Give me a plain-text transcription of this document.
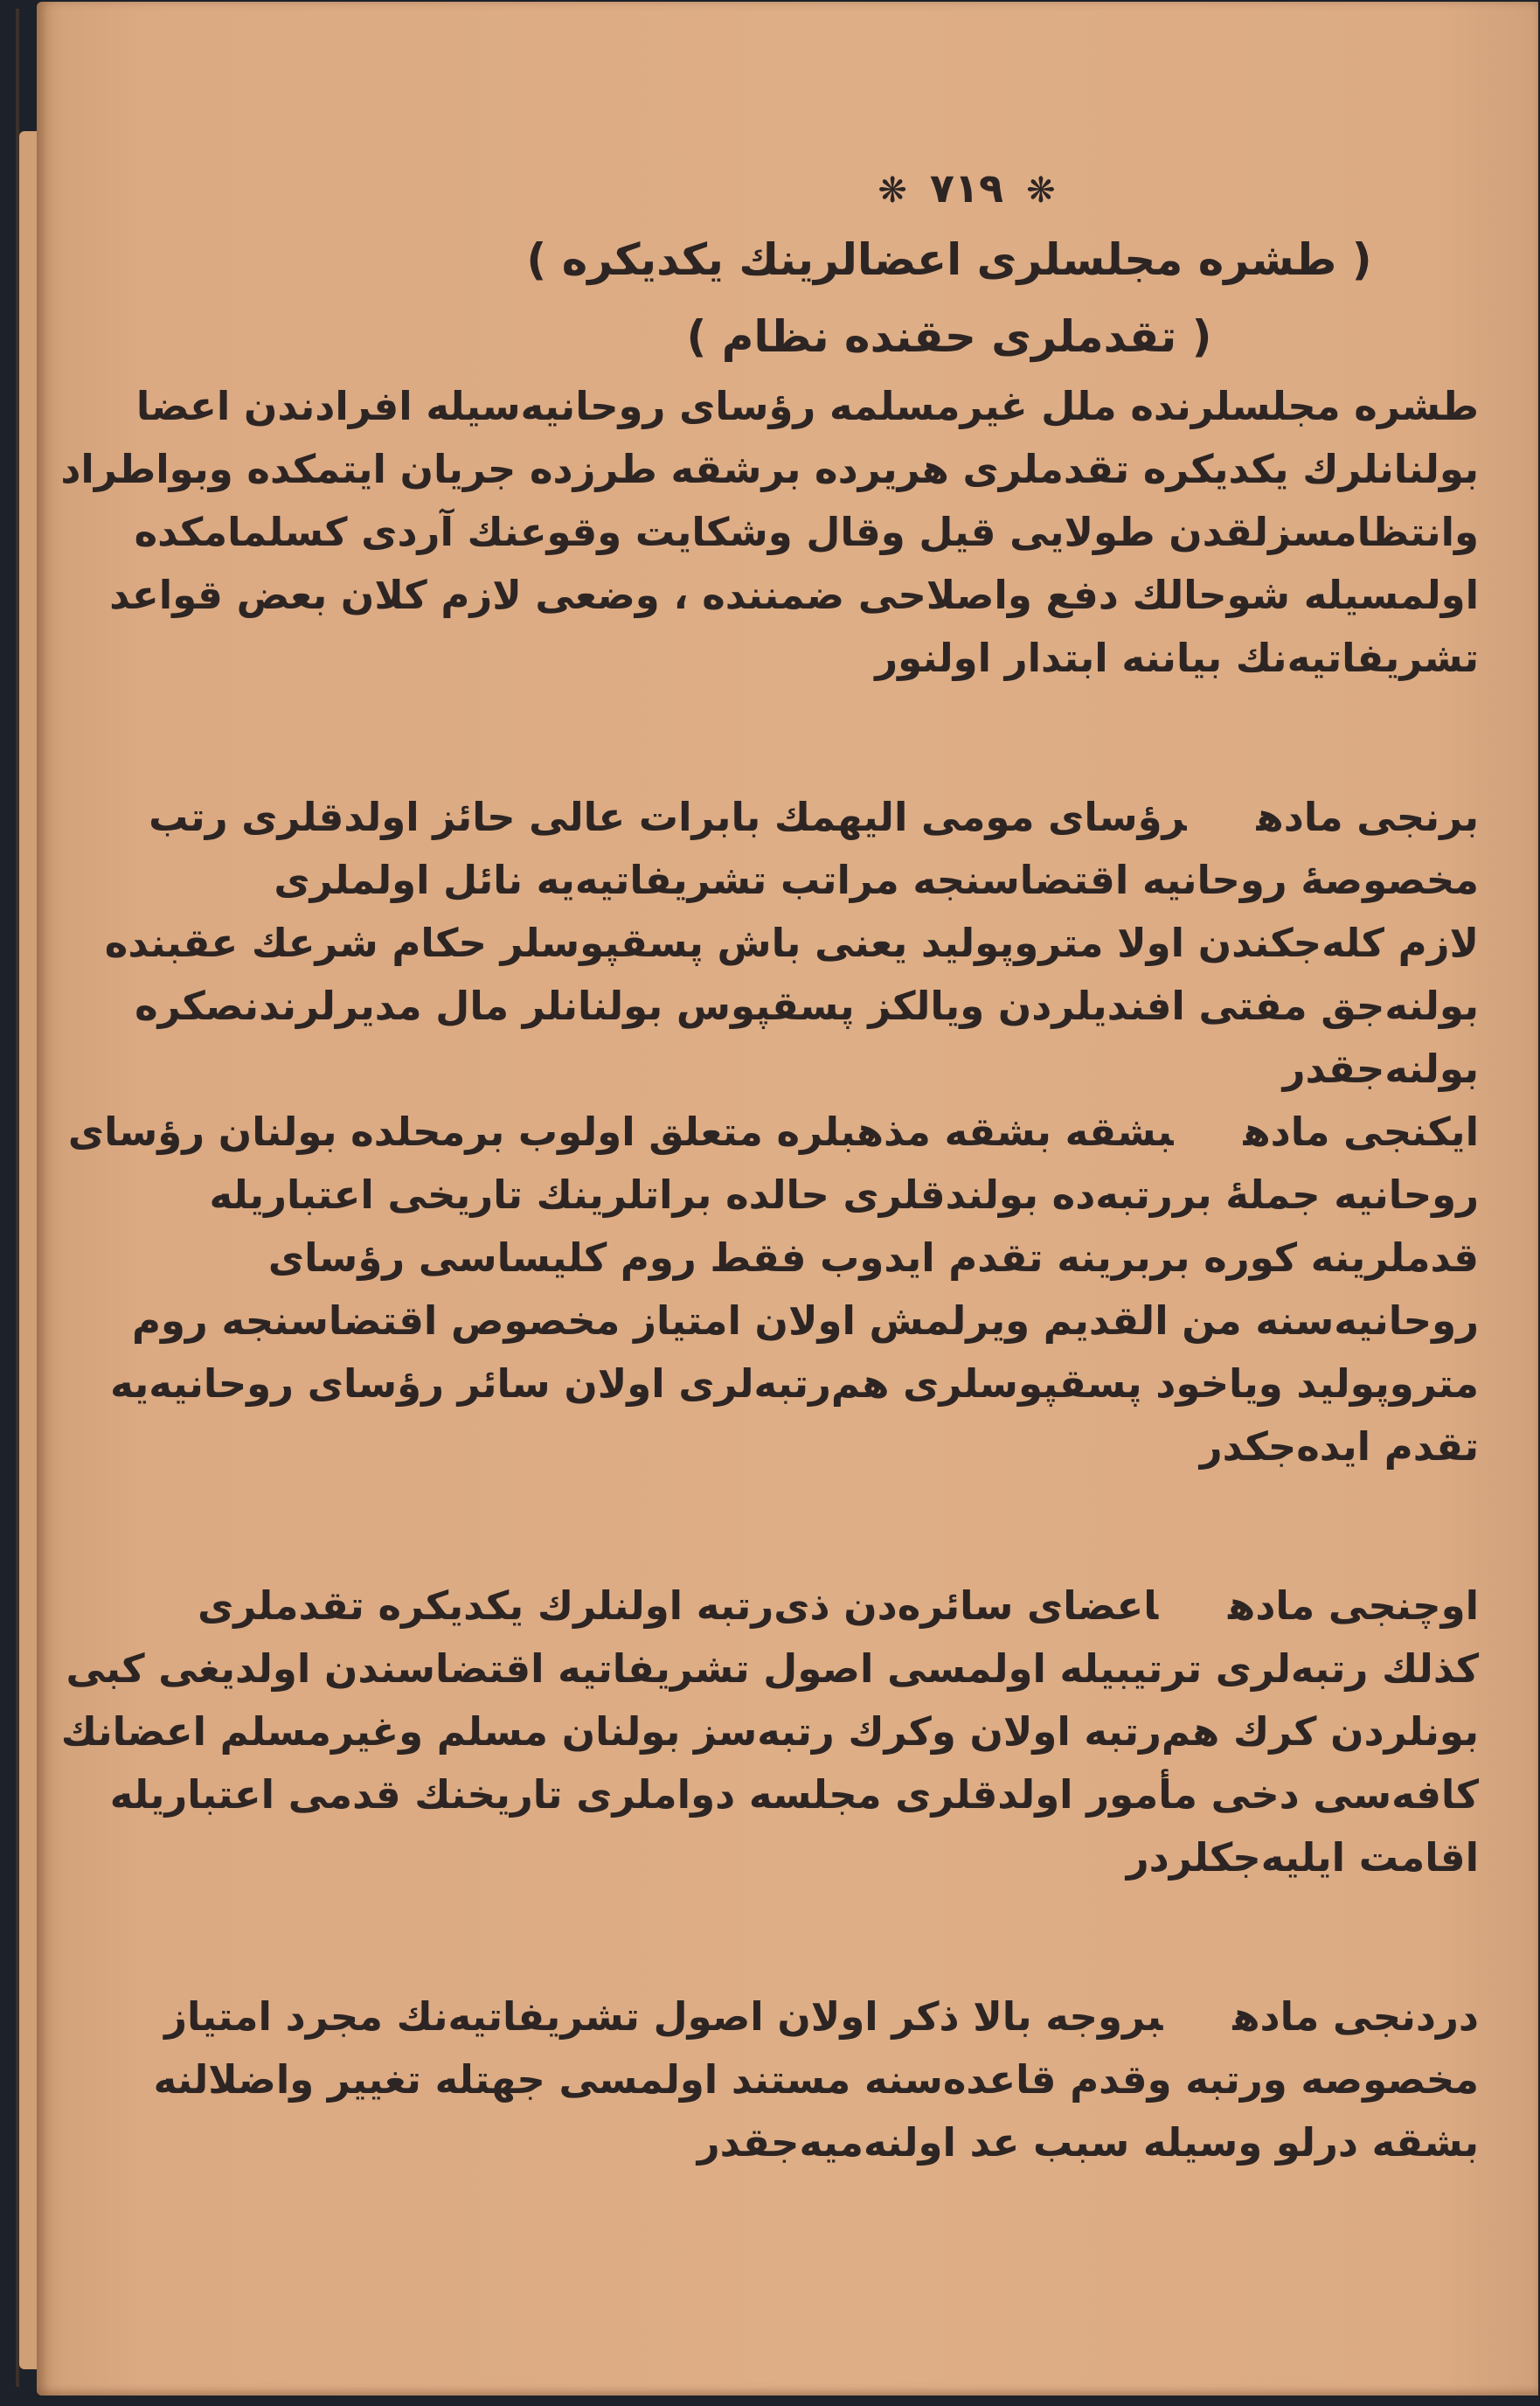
❋ ٧١٩ ❋
( طشره مجلسلری اعضالرینك یكدیكره )
( تقدملری حقنده نظام )
طشره مجلسلرنده ملل غیرمسلمه رؤسای روحانیه‌سیله افرادندن اعضا
بولنانلرك یكدیكره تقدملری هریرده برشقه طرزده جریان ایتمكده وبواطراد
وانتظامسزلقدن طولایی قیل وقال وشكایت وقوعنك آردی كسلمامكده
اولمسیله شوحالك دفع واصلاحی ضمننده ، وضعی لازم كلان بعض قواعد
تشریفاتیه‌نك بیاننه ابتدار اولنور
برنجی مادهرؤسای مومی الیهمك بابرات عالی حائز اولدقلری رتب
مخصوصهٔ روحانیه اقتضاسنجه مراتب تشریفاتیه‌یه نائل اولملری
لازم كله‌جكندن اولا متروپولید یعنی باش پسقپوسلر حكام شرعك عقبنده
بولنه‌جق مفتی افندیلردن ویالكز پسقپوس بولنانلر مال مدیرلرندنصكره
بولنه‌جقدر
ایكنجی مادهبشقه بشقه مذهبلره متعلق اولوب برمحلده بولنان رؤسای
روحانیه جملهٔ بررتبه‌ده بولندقلری حالده براتلرینك تاریخی اعتباریله
قدملرینه كوره بربرینه تقدم ایدوب فقط روم كلیساسی رؤسای
روحانیه‌سنه من القدیم ویرلمش اولان امتیاز مخصوص اقتضاسنجه روم
متروپولید ویاخود پسقپوسلری هم‌رتبه‌لری اولان سائر رؤسای روحانیه‌یه
تقدم ایده‌جكدر
اوچنجی مادهاعضای سائره‌دن ذی‌رتبه اولنلرك یكدیكره تقدملری
كذلك رتبه‌لری ترتیبیله اولمسی اصول تشریفاتیه اقتضاسندن اولدیغی كبی
بونلردن كرك هم‌رتبه اولان وكرك رتبه‌سز بولنان مسلم وغیرمسلم اعضانك
كافه‌سی دخی مأمور اولدقلری مجلسه دواملری تاریخنك قدمی اعتباریله
اقامت ایلیه‌جكلردر
دردنجی مادهبروجه بالا ذكر اولان اصول تشریفاتیه‌نك مجرد امتیاز
مخصوصه ورتبه وقدم قاعده‌سنه مستند اولمسی جهتله تغییر واضلالنه
بشقه درلو وسیله سبب عد اولنه‌میه‌جقدر
